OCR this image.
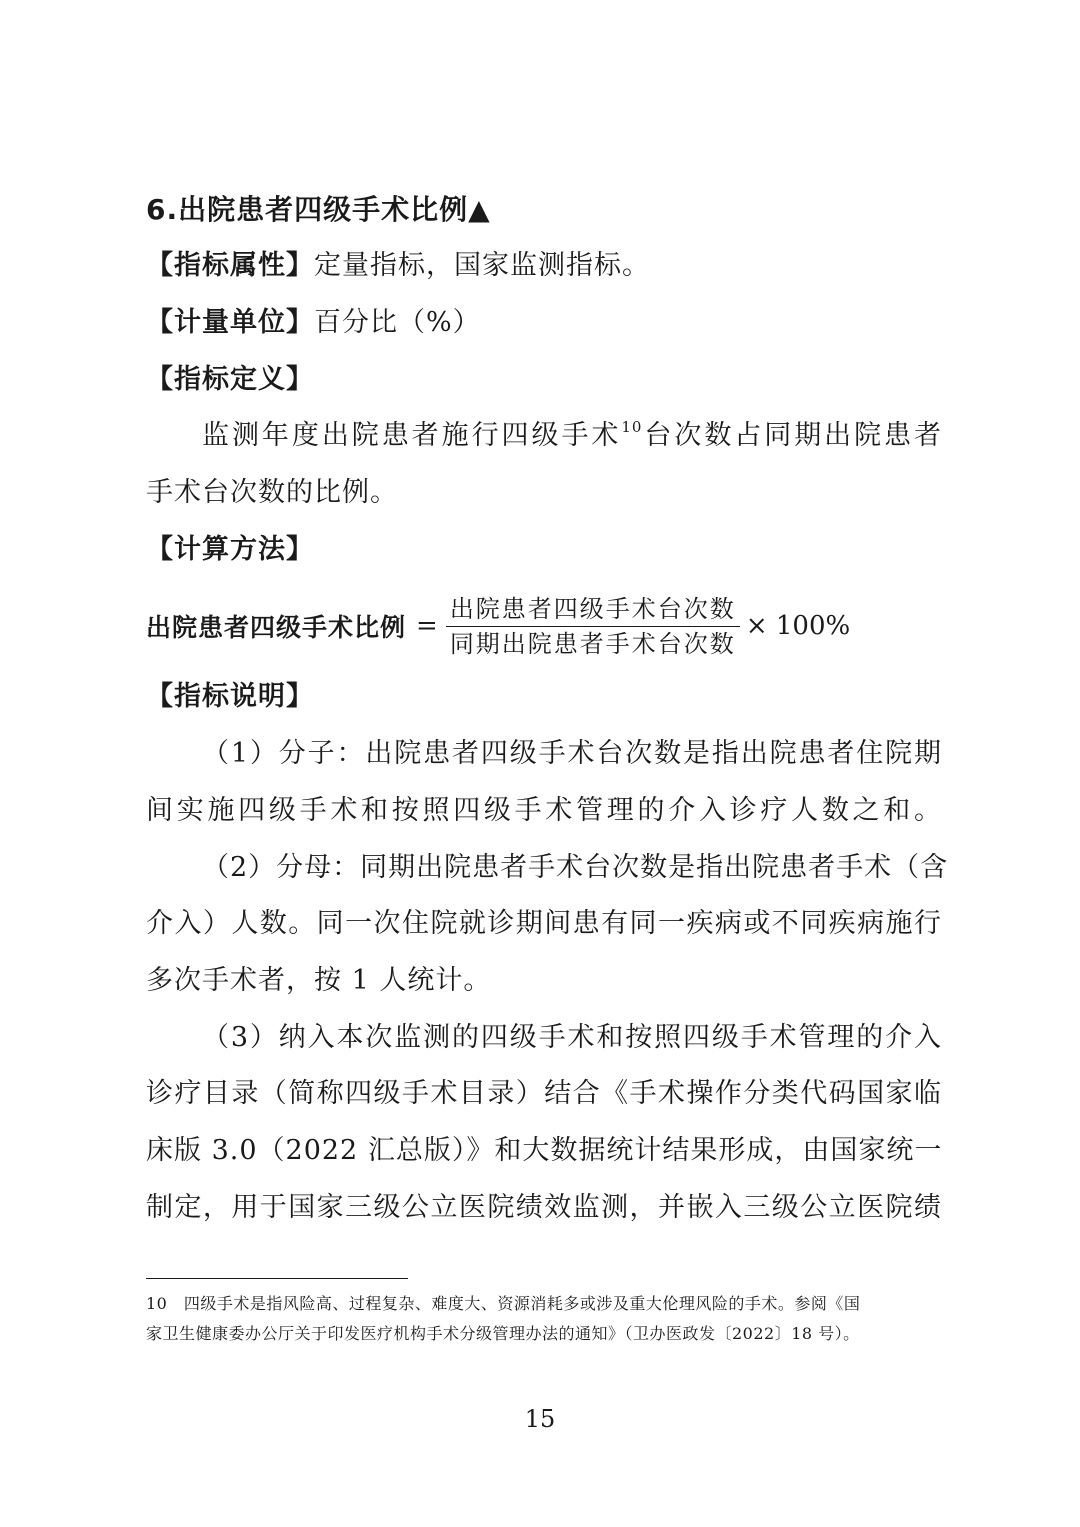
6.出院患者四级手术比例▲
【指标属性】定量指标，国家监测指标。
【计量单位】百分比（%）
【指标定义】
监测年度出院患者施行四级手术$^{10}$台次数占同期出院患者
手术台次数的比例。
【计算方法】
出院患者四级手术比例 = $\frac{\text{出院患者四级手术台次数}}{\text{同期出院患者手术台次数}} \times 100\%$
【指标说明】
（1）分子：出院患者四级手术台次数是指出院患者住院期
间实施四级手术和按照四级手术管理的介入诊疗人数之和。
（2）分母：同期出院患者手术台次数是指出院患者手术（含
介入）人数。同一次住院就诊期间患有同一疾病或不同疾病施行
多次手术者，按 1 人统计。
（3）纳入本次监测的四级手术和按照四级手术管理的介入
诊疗目录（简称四级手术目录）结合《手术操作分类代码国家临
床版 3.0（2022 汇总版）》和大数据统计结果形成，由国家统一
制定，用于国家三级公立医院绩效监测，并嵌入三级公立医院绩
10　四级手术是指风险高、过程复杂、难度大、资源消耗多或涉及重大伦理风险的手术。参阅《国
家卫生健康委办公厅关于印发医疗机构手术分级管理办法的通知》（卫办医政发〔2022〕18 号）。
15
